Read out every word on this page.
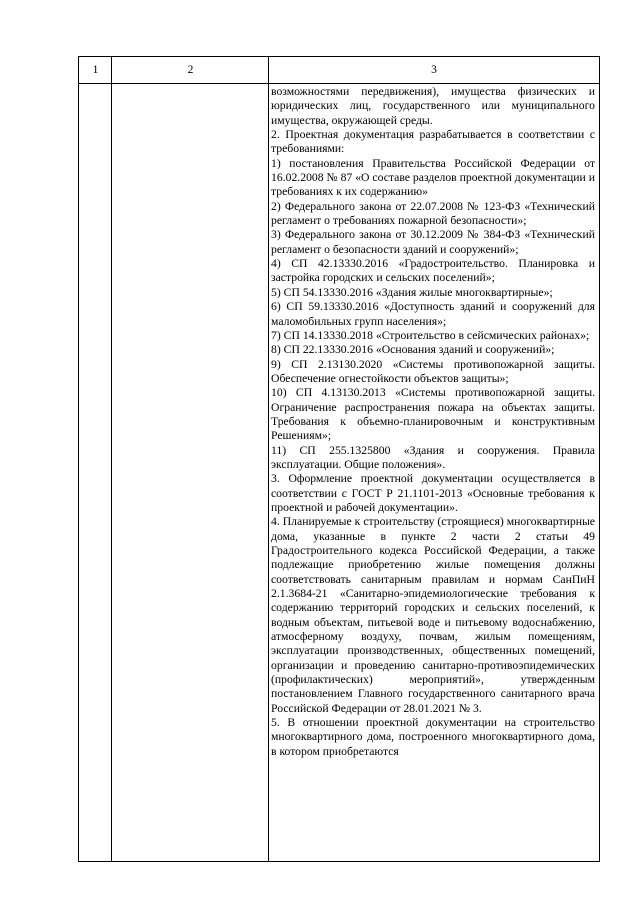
1	2	3

возможностями передвижения), имущества физических и юридических лиц, государственного или муниципального имущества, окружающей среды.

2. Проектная документация разрабатывается в соответствии с требованиями:

1) постановления Правительства Российской Федерации от 16.02.2008 № 87 «О составе разделов проектной документации и требованиях к их содержанию»

2) Федерального закона от 22.07.2008 № 123-ФЗ «Технический регламент о требованиях пожарной безопасности»;

3) Федерального закона от 30.12.2009 № 384-ФЗ «Технический регламент о безопасности зданий и сооружений»;

4) СП 42.13330.2016 «Градостроительство. Планировка и застройка городских и сельских поселений»;

5) СП 54.13330.2016 «Здания жилые многоквартирные»;

6) СП 59.13330.2016 «Доступность зданий и сооружений для маломобильных групп населения»;

7) СП 14.13330.2018 «Строительство в сейсмических районах»;

8) СП 22.13330.2016 «Основания зданий и сооружений»;

9) СП 2.13130.2020 «Системы противопожарной защиты. Обеспечение огнестойкости объектов защиты»;

10) СП 4.13130.2013 «Системы противопожарной защиты. Ограничение распространения пожара на объектах защиты. Требования к объемно-планировочным и конструктивным Решениям»;

11) СП 255.1325800 «Здания и сооружения. Правила эксплуатации. Общие положения».

3. Оформление проектной документации осуществляется в соответствии с ГОСТ Р 21.1101-2013 «Основные требования к проектной и рабочей документации».

4. Планируемые к строительству (строящиеся) многоквартирные дома, указанные в пункте 2 части 2 статьи 49 Градостроительного кодекса Российской Федерации, а также подлежащие приобретению жилые помещения должны соответствовать санитарным правилам и нормам СанПиН 2.1.3684-21 «Санитарно-эпидемиологические требования к содержанию территорий городских и сельских поселений, к водным объектам, питьевой воде и питьевому водоснабжению, атмосферному воздуху, почвам, жилым помещениям, эксплуатации производственных, общественных помещений, организации и проведению санитарно-противоэпидемических (профилактических) мероприятий», утвержденным постановлением Главного государственного санитарного врача Российской Федерации от 28.01.2021 № 3.

5. В отношении проектной документации на строительство многоквартирного дома, построенного многоквартирного дома, в котором приобретаются
